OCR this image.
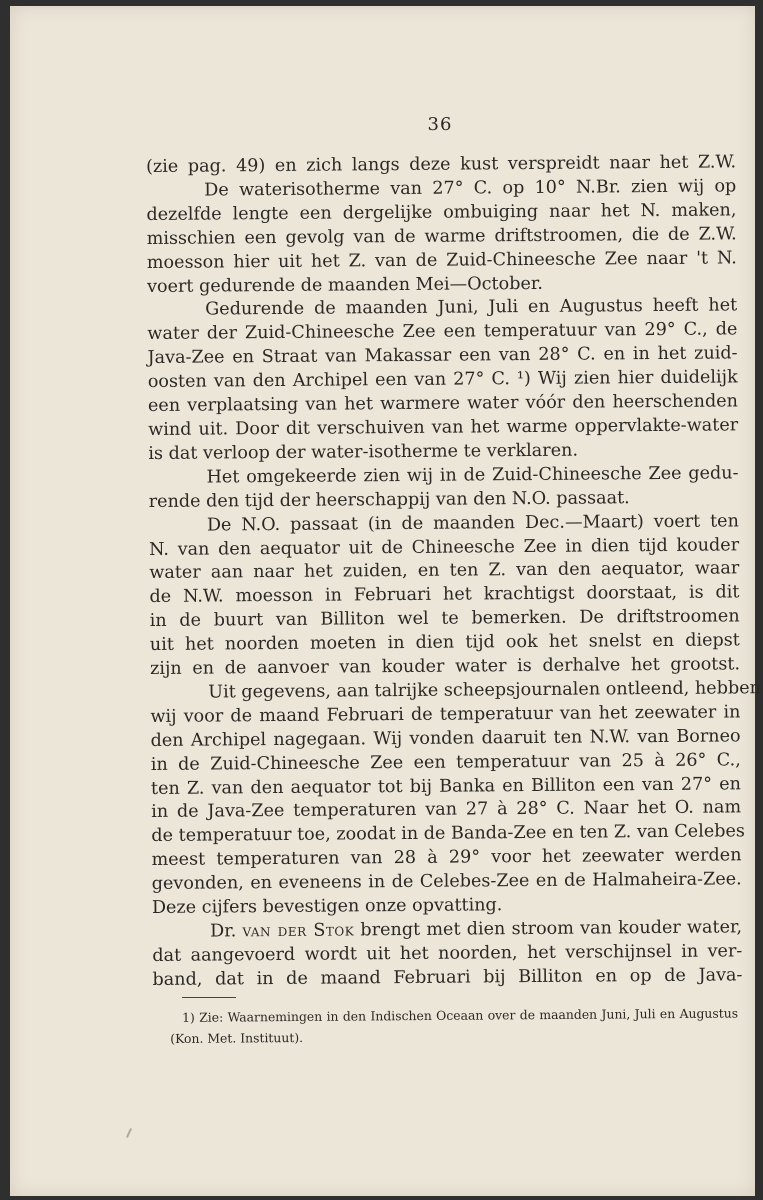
36
(zie pag. 49) en zich langs deze kust verspreidt naar het Z.W.
De waterisotherme van 27° C. op 10° N.Br. zien wij op
dezelfde lengte een dergelijke ombuiging naar het N. maken,
misschien een gevolg van de warme driftstroomen, die de Z.W.
moesson hier uit het Z. van de Zuid-Chineesche Zee naar 't N.
voert gedurende de maanden Mei—October.
Gedurende de maanden Juni, Juli en Augustus heeft het
water der Zuid-Chineesche Zee een temperatuur van 29° C., de
Java-Zee en Straat van Makassar een van 28° C. en in het zuid-
oosten van den Archipel een van 27° C. ¹) Wij zien hier duidelijk
een verplaatsing van het warmere water vóór den heerschenden
wind uit. Door dit verschuiven van het warme oppervlakte-water
is dat verloop der water-isotherme te verklaren.
Het omgekeerde zien wij in de Zuid-Chineesche Zee gedu-
rende den tijd der heerschappij van den N.O. passaat.
De N.O. passaat (in de maanden Dec.—Maart) voert ten
N. van den aequator uit de Chineesche Zee in dien tijd kouder
water aan naar het zuiden, en ten Z. van den aequator, waar
de N.W. moesson in Februari het krachtigst doorstaat, is dit
in de buurt van Billiton wel te bemerken. De driftstroomen
uit het noorden moeten in dien tijd ook het snelst en diepst
zijn en de aanvoer van kouder water is derhalve het grootst.
Uit gegevens, aan talrijke scheepsjournalen ontleend, hebben
wij voor de maand Februari de temperatuur van het zeewater in
den Archipel nagegaan. Wij vonden daaruit ten N.W. van Borneo
in de Zuid-Chineesche Zee een temperatuur van 25 à 26° C.,
ten Z. van den aequator tot bij Banka en Billiton een van 27° en
in de Java-Zee temperaturen van 27 à 28° C. Naar het O. nam
de temperatuur toe, zoodat in de Banda-Zee en ten Z. van Celebes
meest temperaturen van 28 à 29° voor het zeewater werden
gevonden, en eveneens in de Celebes-Zee en de Halmaheira-Zee.
Deze cijfers bevestigen onze opvatting.
Dr. van der Stok brengt met dien stroom van kouder water,
dat aangevoerd wordt uit het noorden, het verschijnsel in ver-
band, dat in de maand Februari bij Billiton en op de Java-
1) Zie: Waarnemingen in den Indischen Oceaan over de maanden Juni, Juli en Augustus
(Kon. Met. Instituut).
